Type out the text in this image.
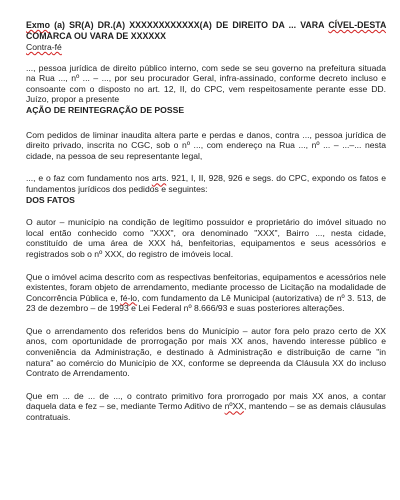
Exmo (a) SR(A) DR.(A) XXXXXXXXXXXX(A) DE DIREITO DA ... VARA CÍVEL-DESTA COMARCA OU VARA DE XXXXXX

Contra-fé

..., pessoa jurídica de direito público interno, com sede se seu governo na prefeitura situada na Rua ..., nº ... – ..., por seu procurador Geral, infra-assinado, conforme decreto incluso e consoante com o disposto no art. 12, II, do CPC, vem respeitosamente perante esse DD. Juízo, propor a presente

AÇÃO DE REINTEGRAÇÃO DE POSSE

Com pedidos de liminar inaudita altera parte e perdas e danos, contra ..., pessoa jurídica de direito privado, inscrita no CGC, sob o nº ..., com endereço na Rua ..., nº ... – ...–... nesta cidade, na pessoa de seu representante legal,

..., e o faz com fundamento nos arts. 921, I, II, 928, 926 e segs. do CPC, expondo os fatos e fundamentos jurídicos dos pedidos e seguintes:

DOS FATOS

O autor – município na condição de legítimo possuidor e proprietário do imóvel situado no local então conhecido como "XXX", ora denominado "XXX", Bairro ..., nesta cidade, constituído de uma área de XXX há, benfeitorias, equipamentos e seus acessórios e registrados sob o nº XXX, do registro de imóveis local.

Que o imóvel acima descrito com as respectivas benfeitorias, equipamentos e acessórios nele existentes, foram objeto de arrendamento, mediante processo de Licitação na modalidade de Concorrência Pública e, fé-lo, com fundamento da Lê Municipal (autorizativa) de nº 3. 513, de 23 de dezembro – de 1993 e Lei Federal nº 8.666/93 e suas posteriores alterações.

Que o arrendamento dos referidos bens do Município – autor fora pelo prazo certo de XX anos, com oportunidade de prorrogação por mais XX anos, havendo interesse público e conveniência da Administração, e destinado à Administração e distribuição de carne "in natura" ao comércio do Município de XX, conforme se depreenda da Cláusula XX do incluso Contrato de Arrendamento.

Que em ... de ... de ..., o contrato primitivo fora prorrogado por mais XX anos, a contar daquela data e fez – se, mediante Termo Aditivo de nºXX, mantendo – se as demais cláusulas contratuais.
